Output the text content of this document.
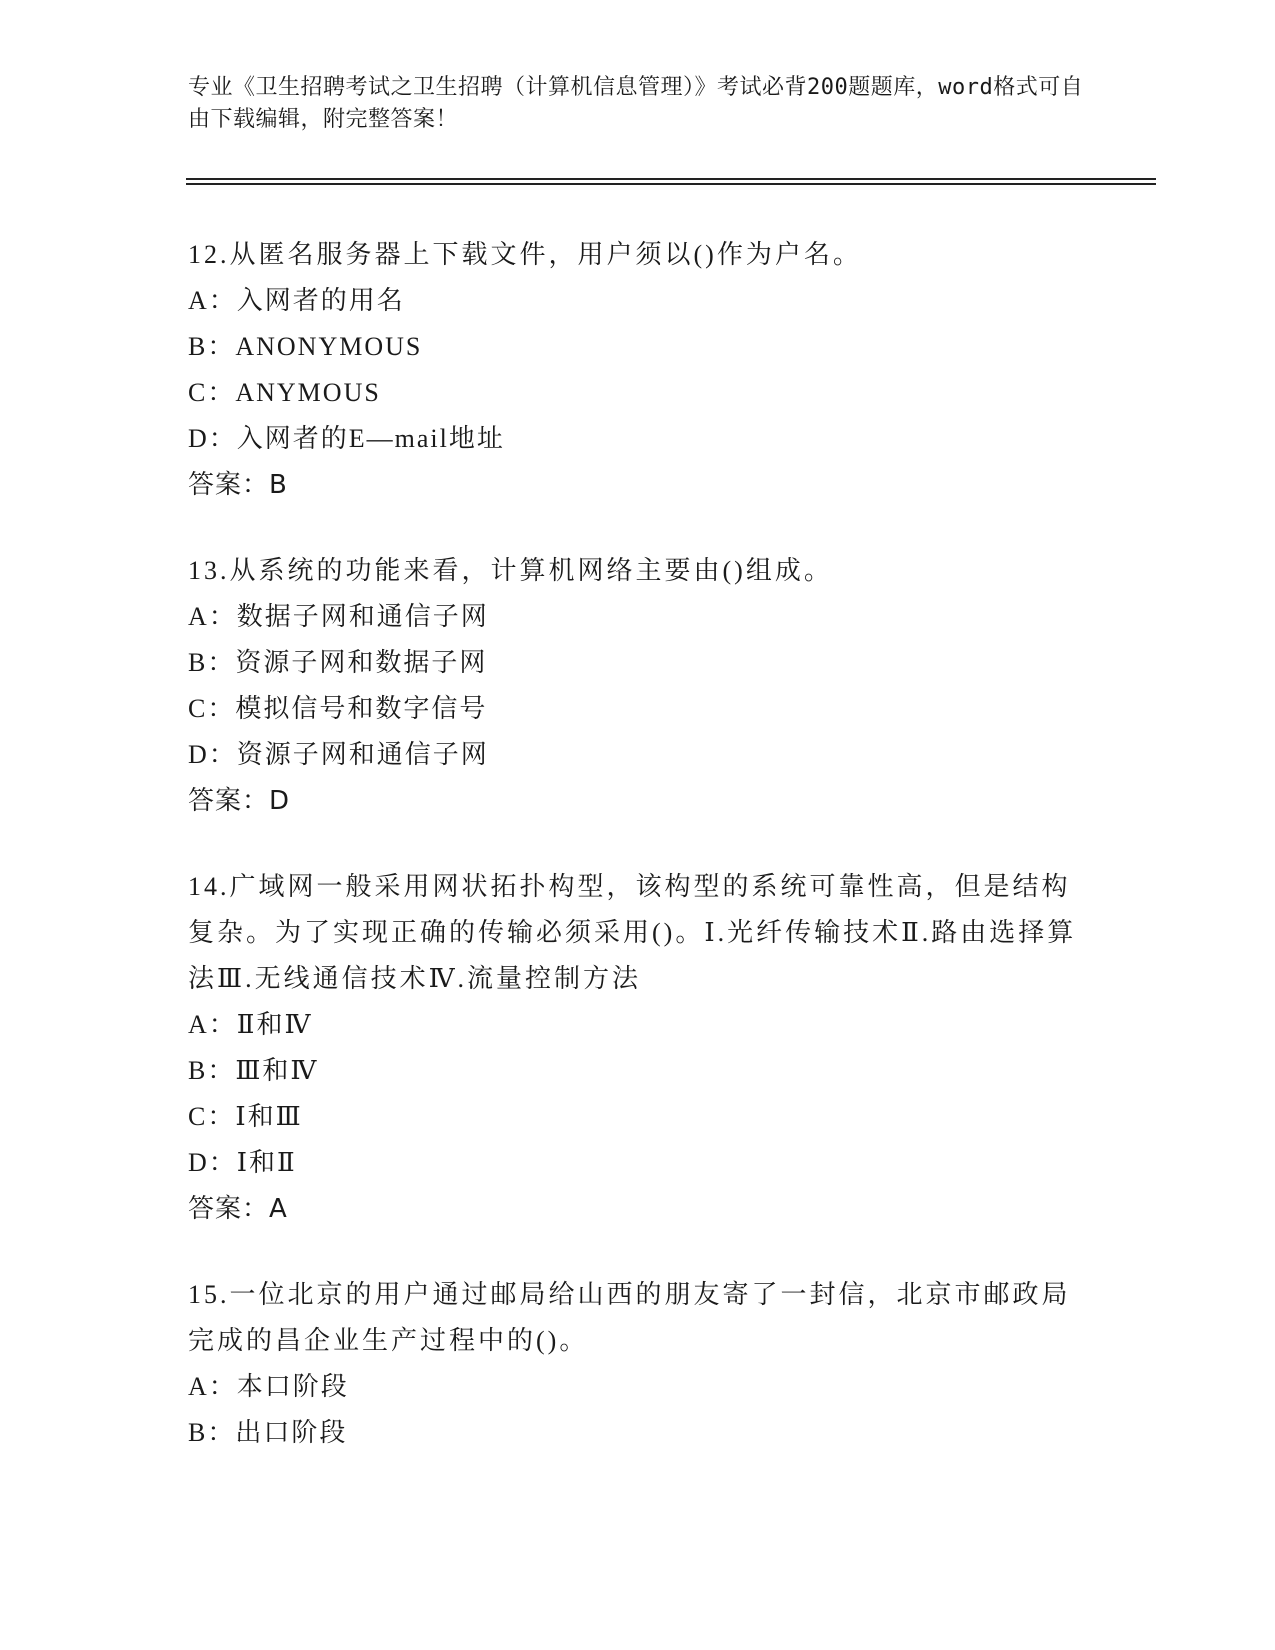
专业《卫生招聘考试之卫生招聘（计算机信息管理）》考试必背200题题库，word格式可自由下载编辑，附完整答案！
12.从匿名服务器上下载文件，用户须以()作为户名。
A：入网者的用名
B：ANONYMOUS
C：ANYMOUS
D：入网者的E—mail地址
答案：B
13.从系统的功能来看，计算机网络主要由()组成。
A：数据子网和通信子网
B：资源子网和数据子网
C：模拟信号和数字信号
D：资源子网和通信子网
答案：D
14.广域网一般采用网状拓扑构型，该构型的系统可靠性高，但是结构复杂。为了实现正确的传输必须采用()。Ⅰ.光纤传输技术Ⅱ.路由选择算法Ⅲ.无线通信技术Ⅳ.流量控制方法
A：Ⅱ和Ⅳ
B：Ⅲ和Ⅳ
C：Ⅰ和Ⅲ
D：Ⅰ和Ⅱ
答案：A
15.一位北京的用户通过邮局给山西的朋友寄了一封信，北京市邮政局完成的昌企业生产过程中的()。
A：本口阶段
B：出口阶段
